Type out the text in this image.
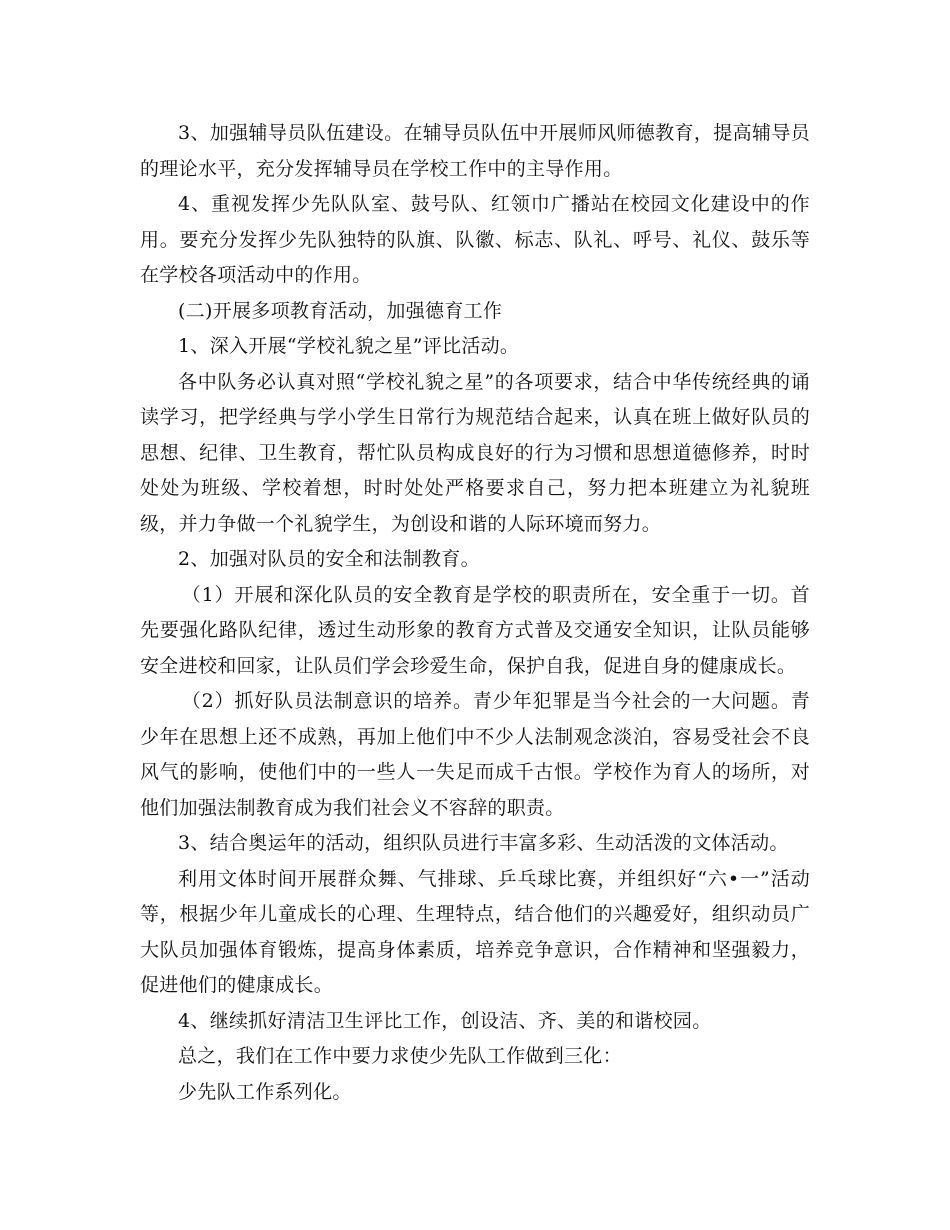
3、加强辅导员队伍建设。在辅导员队伍中开展师风师德教育，提高辅导员的理论水平，充分发挥辅导员在学校工作中的主导作用。

4、重视发挥少先队队室、鼓号队、红领巾广播站在校园文化建设中的作用。要充分发挥少先队独特的队旗、队徽、标志、队礼、呼号、礼仪、鼓乐等在学校各项活动中的作用。

(二)开展多项教育活动，加强德育工作

1、深入开展“学校礼貌之星”评比活动。

各中队务必认真对照“学校礼貌之星”的各项要求，结合中华传统经典的诵读学习，把学经典与学小学生日常行为规范结合起来，认真在班上做好队员的思想、纪律、卫生教育，帮忙队员构成良好的行为习惯和思想道德修养，时时处处为班级、学校着想，时时处处严格要求自己，努力把本班建立为礼貌班级，并力争做一个礼貌学生，为创设和谐的人际环境而努力。

2、加强对队员的安全和法制教育。

（1）开展和深化队员的安全教育是学校的职责所在，安全重于一切。首先要强化路队纪律，透过生动形象的教育方式普及交通安全知识，让队员能够安全进校和回家，让队员们学会珍爱生命，保护自我，促进自身的健康成长。

（2）抓好队员法制意识的培养。青少年犯罪是当今社会的一大问题。青少年在思想上还不成熟，再加上他们中不少人法制观念淡泊，容易受社会不良风气的影响，使他们中的一些人一失足而成千古恨。学校作为育人的场所，对他们加强法制教育成为我们社会义不容辞的职责。

3、结合奥运年的活动，组织队员进行丰富多彩、生动活泼的文体活动。

利用文体时间开展群众舞、气排球、乒乓球比赛，并组织好“六•一”活动等，根据少年儿童成长的心理、生理特点，结合他们的兴趣爱好，组织动员广大队员加强体育锻炼，提高身体素质，培养竞争意识，合作精神和坚强毅力，促进他们的健康成长。

4、继续抓好清洁卫生评比工作，创设洁、齐、美的和谐校园。

总之，我们在工作中要力求使少先队工作做到三化：

少先队工作系列化。
